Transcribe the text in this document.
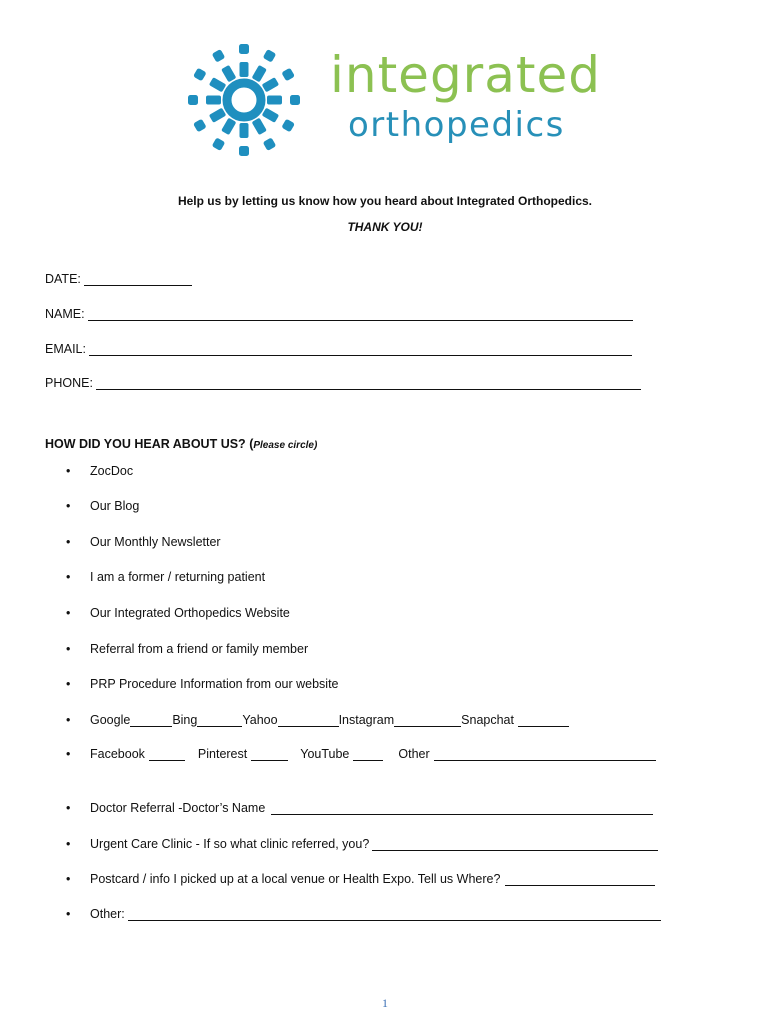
integrated
orthopedics
Help us by letting us know how you heard about Integrated Orthopedics.
THANK YOU!
DATE:
NAME:
EMAIL:
PHONE:
HOW DID YOU HEAR ABOUT US? (Please circle)
•
•
•
•
•
•
•
•
•
•
•
•
•
ZocDoc
Our Blog
Our Monthly Newsletter
I am a former / returning patient
Our Integrated Orthopedics Website
Referral from a friend or family member
PRP Procedure Information from our website
Google	Bing	Yahoo	Instagram	Snapchat
Facebook	Pinterest	YouTube	Other
Doctor Referral -Doctor’s Name
Urgent Care Clinic - If so what clinic referred, you?
Postcard / info I picked up at a local venue or Health Expo. Tell us Where?
Other:
1
